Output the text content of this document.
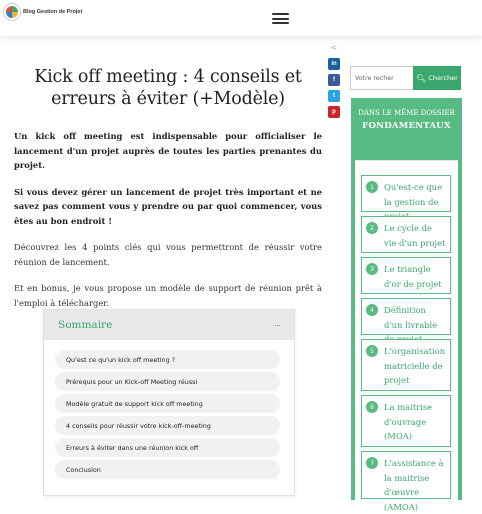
Blog Gestion de Projet
<
in
f
t
p
Kick off meeting : 4 conseils et erreurs à éviter (+Modèle)

Un kick off meeting est indispensable pour officialiser le lancement d'un projet auprès de toutes les parties prenantes du projet.

Si vous devez gérer un lancement de projet très important et ne savez pas comment vous y prendre ou par quoi commencer, vous êtes au bon endroit !

Découvrez les 4 points clés qui vous permettront de réussir votre réunion de lancement.

Et en bonus, je vous propose un modèle de support de réunion prêt à l'emploi à télécharger.

Sommaire	···
Qu'est ce qu'un kick off meeting ?
Prérequis pour un Kick-off Meeting réussi
Modèle gratuit de support kick off meeting
4 conseils pour réussir votre kick-off-meeting
Erreurs à éviter dans une réunion kick off
Conclusion
Votre recher
🔍︎ Chercher
DANS LE MÊME DOSSIER
FONDAMENTAUX
1	Qu'est-ce que la gestion de
2	Le cycle de vie d'un projet
3	Le triangle d'or de projet
4	Définition d'un livrable
5	L'organisation matricielle de projet
6	La maitrise d'ouvrage (MOA)
7	L'assistance à la maitrise d'œuvre (AMOA)
